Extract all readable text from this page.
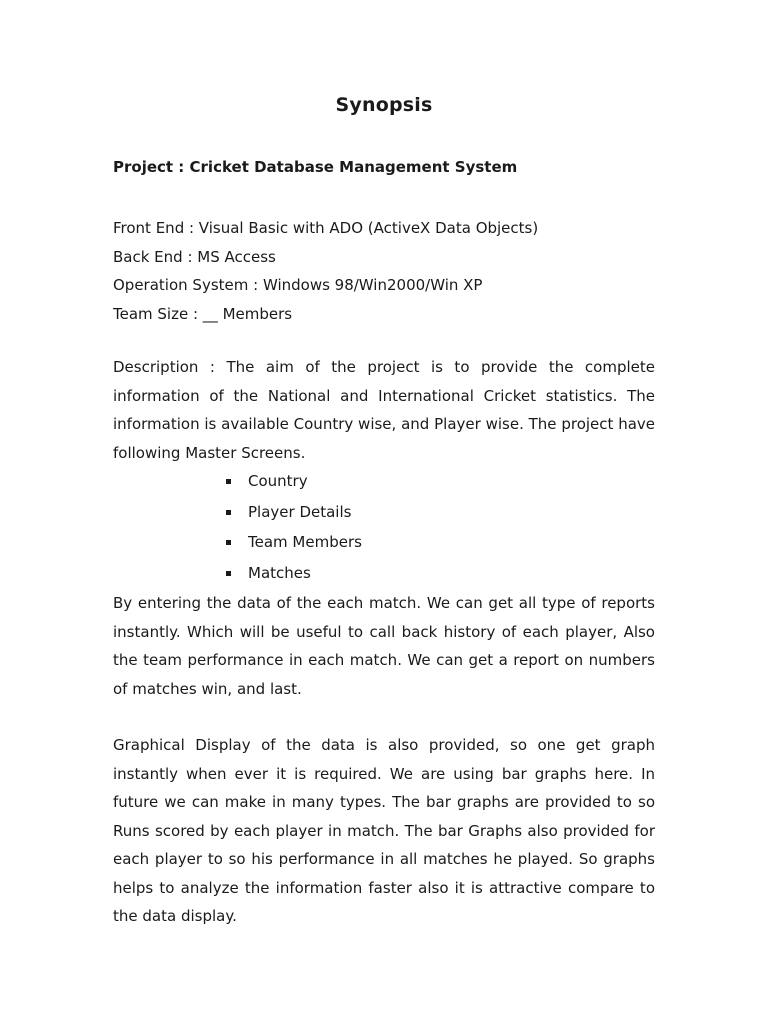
Synopsis

Project : Cricket Database Management System

Front End : Visual Basic with ADO (ActiveX Data Objects)
Back End : MS Access
Operation System : Windows 98/Win2000/Win XP
Team Size : __ Members

Description : The aim of the project is to provide the complete information of the National and International Cricket statistics. The information is available Country wise, and Player wise. The project have following Master Screens.

Country
Player Details
Team Members
Matches

By entering the data of the each match. We can get all type of reports instantly. Which will be useful to call back history of each player, Also the team performance in each match. We can get a report on numbers of matches win, and last.

Graphical Display of the data is also provided, so one get graph instantly when ever it is required. We are using bar graphs here. In future we can make in many types. The bar graphs are provided to so Runs scored by each player in match. The bar Graphs also provided for each player to so his performance in all matches he played. So graphs helps to analyze the information faster also it is attractive compare to the data display.
